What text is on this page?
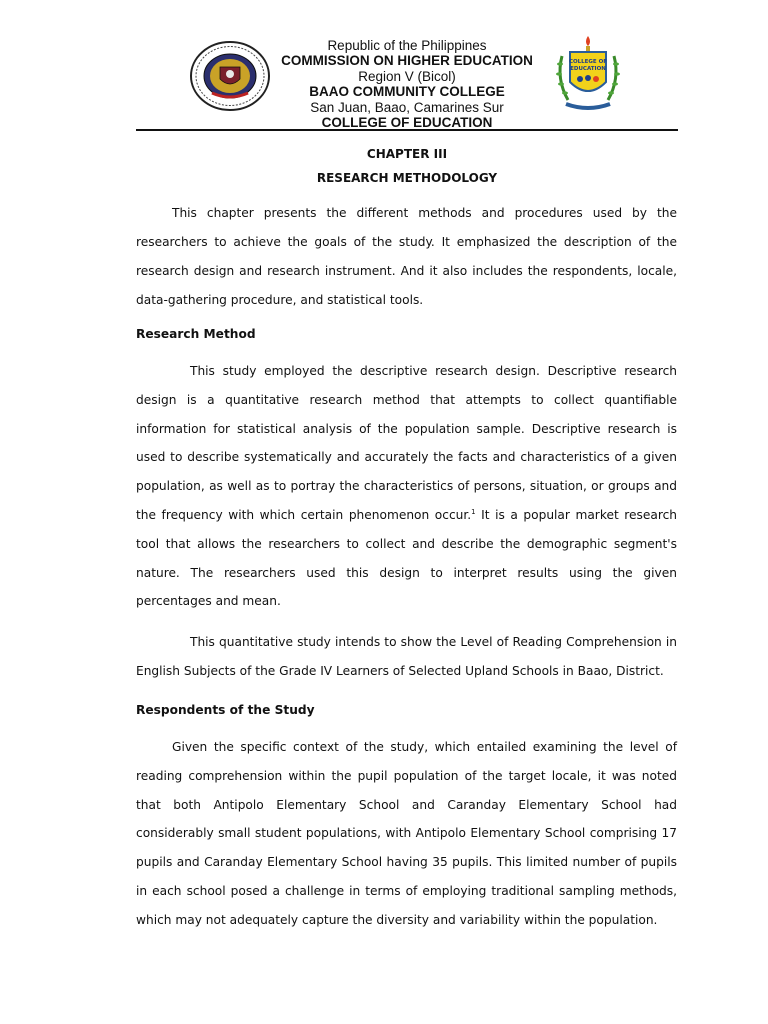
Republic of the Philippines
COMMISSION ON HIGHER EDUCATION
Region V (Bicol)
BAAO COMMUNITY COLLEGE
San Juan, Baao, Camarines Sur
COLLEGE OF EDUCATION
COLLEGE OF
EDUCATION
CHAPTER III
RESEARCH METHODOLOGY

This chapter presents the different methods and procedures used by the researchers to achieve the goals of the study. It emphasized the description of the research design and research instrument. And it also includes the respondents, locale, data-gathering procedure, and statistical tools.

Research Method

This study employed the descriptive research design. Descriptive research design is a quantitative research method that attempts to collect quantifiable information for statistical analysis of the population sample. Descriptive research is used to describe systematically and accurately the facts and characteristics of a given population, as well as to portray the characteristics of persons, situation, or groups and the frequency with which certain phenomenon occur.$^1$ It is a popular market research tool that allows the researchers to collect and describe the demographic segment's nature. The researchers used this design to interpret results using the given percentages and mean.

This quantitative study intends to show the Level of Reading Comprehension in English Subjects of the Grade IV Learners of Selected Upland Schools in Baao, District.

Respondents of the Study

Given the specific context of the study, which entailed examining the level of reading comprehension within the pupil population of the target locale, it was noted that both Antipolo Elementary School and Caranday Elementary School had considerably small student populations, with Antipolo Elementary School comprising 17 pupils and Caranday Elementary School having 35 pupils. This limited number of pupils in each school posed a challenge in terms of employing traditional sampling methods, which may not adequately capture the diversity and variability within the population.
